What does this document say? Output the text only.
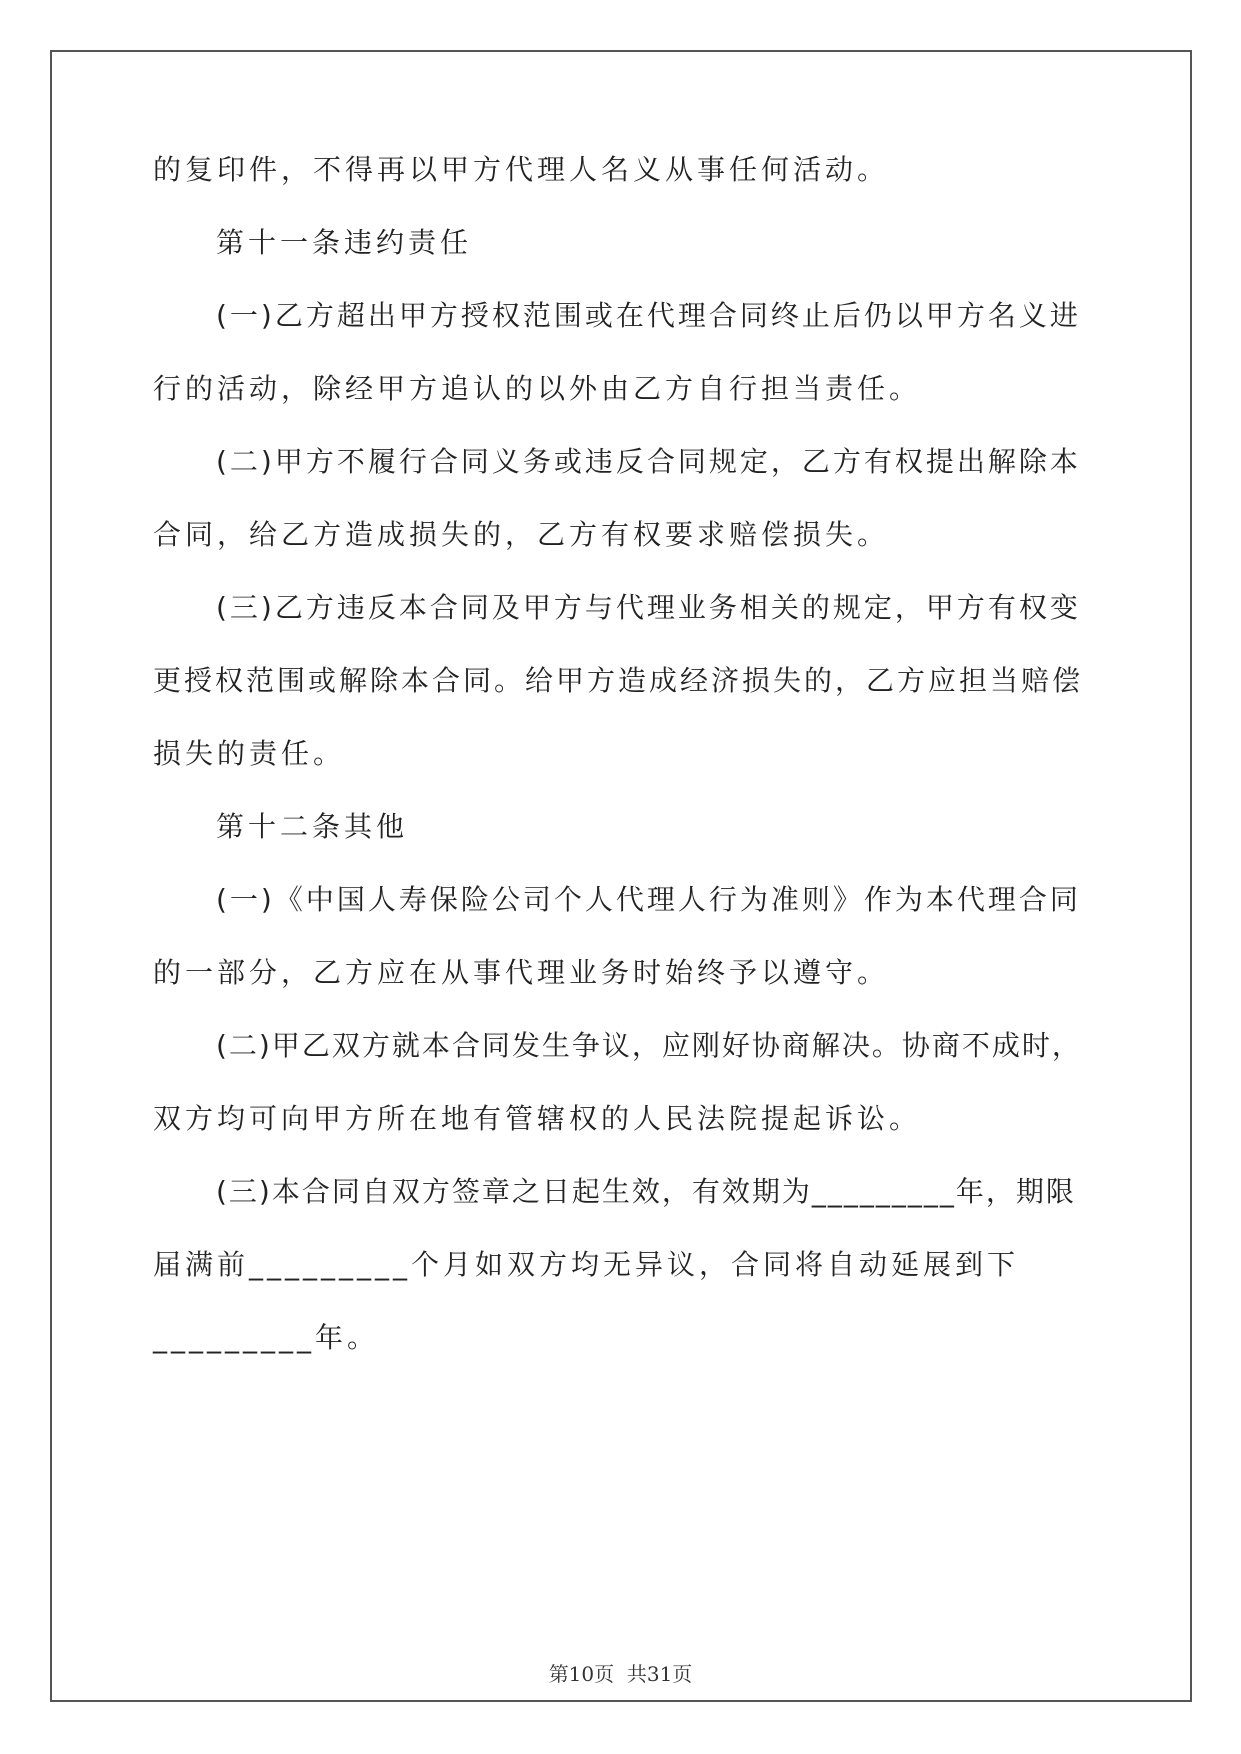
的复印件，不得再以甲方代理人名义从事任何活动。
第十一条违约责任
(一)乙方超出甲方授权范围或在代理合同终止后仍以甲方名义进
行的活动，除经甲方追认的以外由乙方自行担当责任。
(二)甲方不履行合同义务或违反合同规定，乙方有权提出解除本
合同，给乙方造成损失的，乙方有权要求赔偿损失。
(三)乙方违反本合同及甲方与代理业务相关的规定，甲方有权变
更授权范围或解除本合同。给甲方造成经济损失的，乙方应担当赔偿
损失的责任。
第十二条其他
(一)《中国人寿保险公司个人代理人行为准则》作为本代理合同
的一部分，乙方应在从事代理业务时始终予以遵守。
(二)甲乙双方就本合同发生争议，应刚好协商解决。协商不成时，
双方均可向甲方所在地有管辖权的人民法院提起诉讼。
(三)本合同自双方签章之日起生效，有效期为_________年，期限
届满前_________个月如双方均无异议，合同将自动延展到下
_________年。
第10页  共31页
